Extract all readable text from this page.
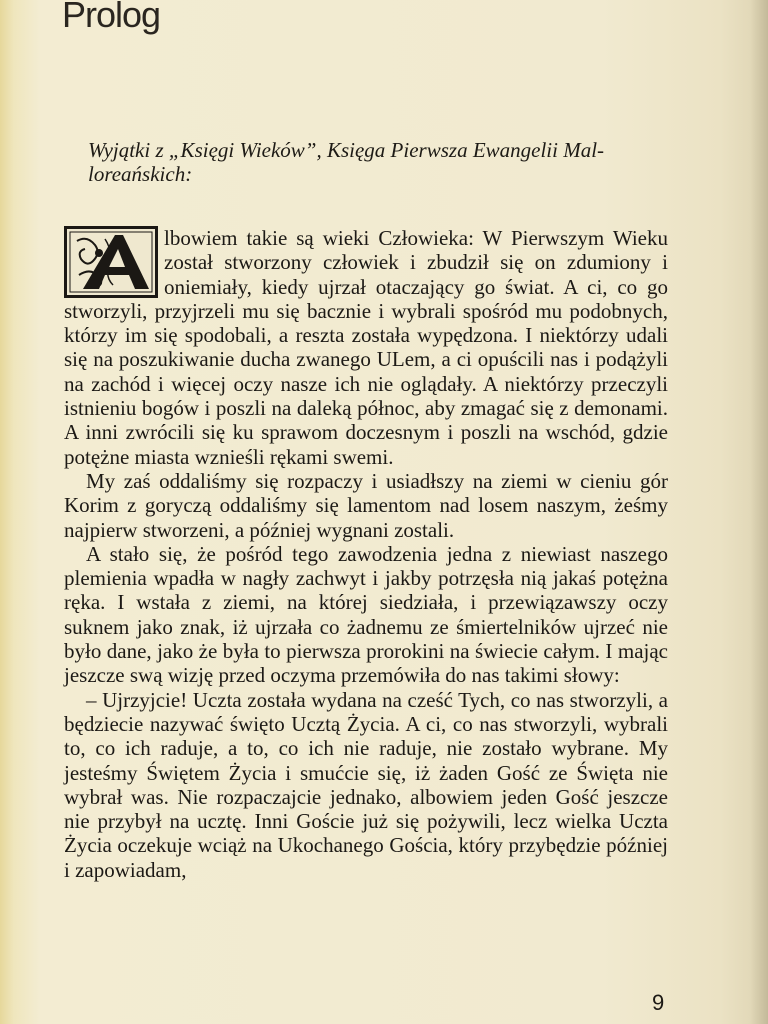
Prolog
Wyjątki z „Księgi Wieków”, Księga Pierwsza Ewangelii Mal-
loreańskich:

lbowiem takie są wieki Człowieka: W Pierwszym Wieku został stworzony człowiek i zbudził się on zdumiony i oniemiały, kiedy ujrzał otaczający go świat. A ci, co go stworzyli, przyjrzeli mu się bacznie i wybrali spośród mu podobnych, którzy im się spodobali, a reszta została wypędzona. I niektórzy udali się na poszukiwanie ducha zwanego ULem, a ci opuścili nas i podążyli na zachód i więcej oczy nasze ich nie oglądały. A niektórzy przeczyli istnieniu bogów i poszli na daleką północ, aby zmagać się z demonami. A inni zwrócili się ku sprawom doczesnym i poszli na wschód, gdzie potężne miasta wznieśli rękami swemi.

My zaś oddaliśmy się rozpaczy i usiadłszy na ziemi w cieniu gór Korim z goryczą oddaliśmy się lamentom nad losem naszym, żeśmy najpierw stworzeni, a później wygnani zostali.

A stało się, że pośród tego zawodzenia jedna z niewiast naszego plemienia wpadła w nagły zachwyt i jakby potrzęsła nią jakaś potężna ręka. I wstała z ziemi, na której siedziała, i przewiązawszy oczy suknem jako znak, iż ujrzała co żadnemu ze śmiertelników ujrzeć nie było dane, jako że była to pierwsza prorokini na świecie całym. I mając jeszcze swą wizję przed oczyma przemówiła do nas takimi słowy:

– Ujrzyjcie! Uczta została wydana na cześć Tych, co nas stworzyli, a będziecie nazywać święto Ucztą Życia. A ci, co nas stworzyli, wybrali to, co ich raduje, a to, co ich nie raduje, nie zostało wybrane. My jesteśmy Świętem Życia i smućcie się, iż żaden Gość ze Święta nie wybrał was. Nie rozpaczajcie jednako, albowiem jeden Gość jeszcze nie przybył na ucztę. Inni Goście już się pożywili, lecz wielka Uczta Życia oczekuje wciąż na Ukochanego Gościa, który przybędzie później i zapowiadam,

9
